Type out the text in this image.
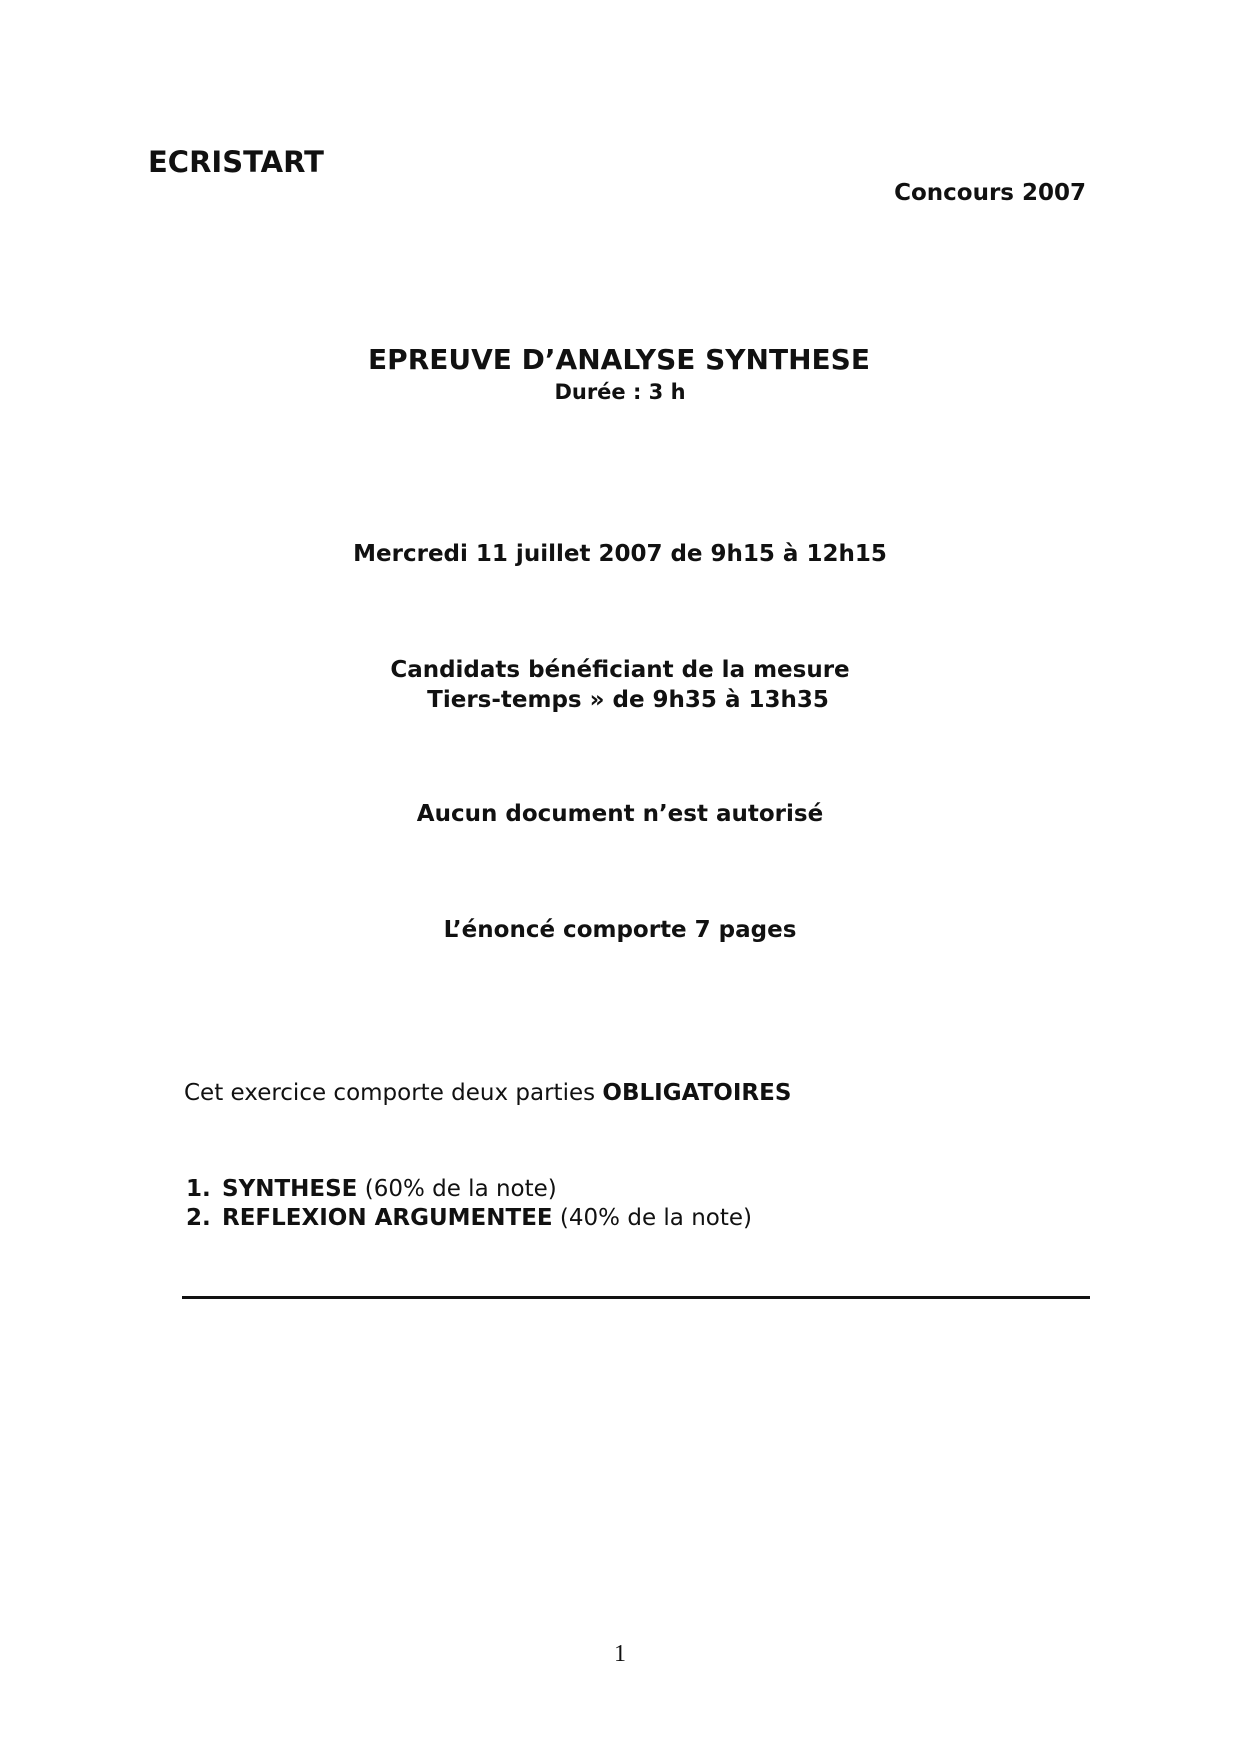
ECRISTART
Concours 2007
EPREUVE D’ANALYSE SYNTHESE
Durée : 3 h
Mercredi 11 juillet 2007 de 9h15 à 12h15
Candidats bénéficiant de la mesure
Tiers-temps » de 9h35 à 13h35
Aucun document n’est autorisé
L’énoncé comporte 7 pages
Cet exercice comporte deux parties OBLIGATOIRES
1. SYNTHESE (60% de la note)
2. REFLEXION ARGUMENTEE (40% de la note)
1
